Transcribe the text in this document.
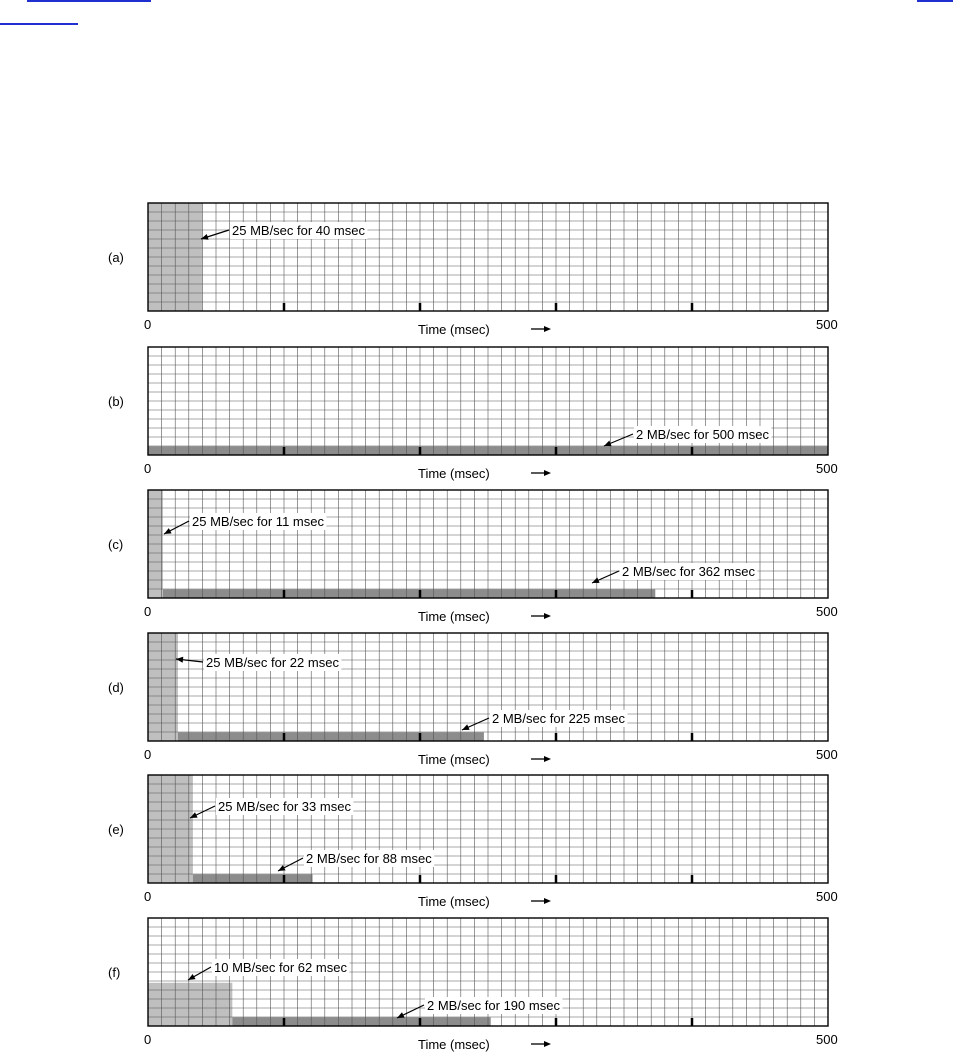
(a)
0	500
Time (msec)
25 MB/sec for 40 msec
(b)
0	500
Time (msec)
2 MB/sec for 500 msec
(c)
0	500
Time (msec)
25 MB/sec for 11 msec
2 MB/sec for 362 msec
(d)
0	500
Time (msec)
25 MB/sec for 22 msec
2 MB/sec for 225 msec
(e)
0	500
Time (msec)
25 MB/sec for 33 msec
2 MB/sec for 88 msec
(f)
0	500
Time (msec)
10 MB/sec for 62 msec
2 MB/sec for 190 msec
